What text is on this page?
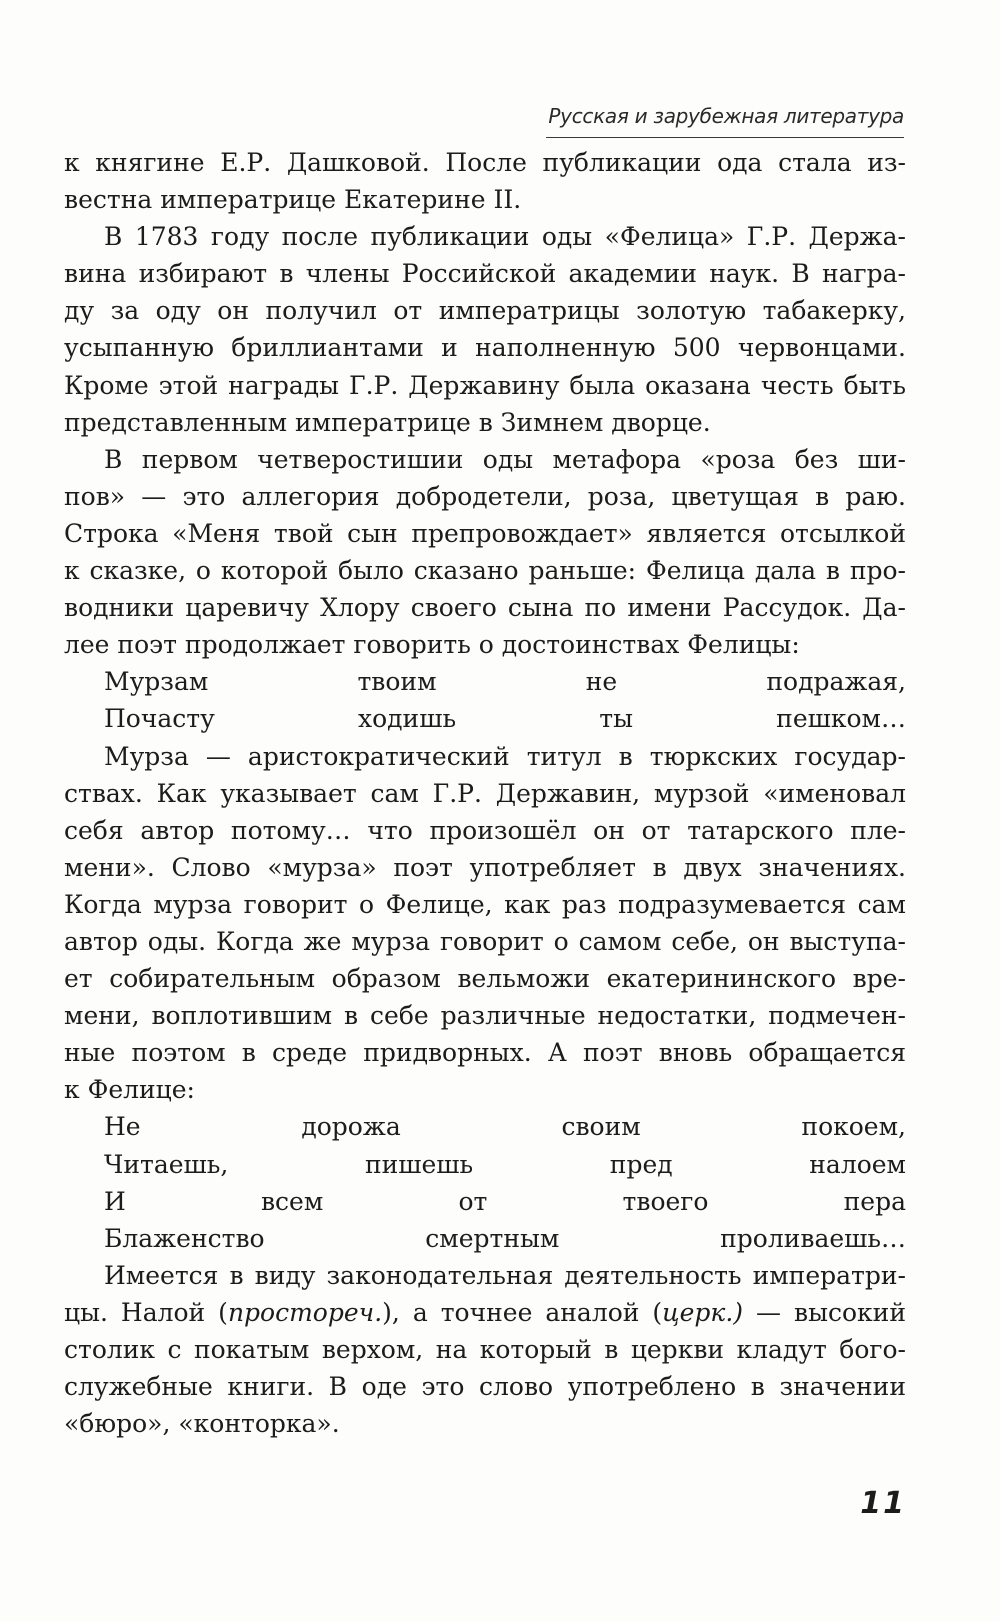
Русская и зарубежная литература

к княгине Е.Р. Дашковой. После публикации ода стала из-

вестна императрице Екатерине II.

В 1783 году после публикации оды «Фелица» Г.Р. Держа-

вина избирают в члены Российской академии наук. В награ-

ду за оду он получил от императрицы золотую табакерку,

усыпанную бриллиантами и наполненную 500 червонцами.

Кроме этой награды Г.Р. Державину была оказана честь быть

представленным императрице в Зимнем дворце.

В первом четверостишии оды метафора «роза без ши-

пов» — это аллегория добродетели, роза, цветущая в раю.

Строка «Меня твой сын препровождает» является отсылкой

к сказке, о которой было сказано раньше: Фелица дала в про-

водники царевичу Хлору своего сына по имени Рассудок. Да-

лее поэт продолжает говорить о достоинствах Фелицы:

Мурзам твоим не подражая,

Почасту ходишь ты пешком…

Мурза — аристократический титул в тюркских государ-

ствах. Как указывает сам Г.Р. Державин, мурзой «именовал

себя автор потому… что произошёл он от татарского пле-

мени». Слово «мурза» поэт употребляет в двух значениях.

Когда мурза говорит о Фелице, как раз подразумевается сам

автор оды. Когда же мурза говорит о самом себе, он выступа-

ет собирательным образом вельможи екатерининского вре-

мени, воплотившим в себе различные недостатки, подмечен-

ные поэтом в среде придворных. А поэт вновь обращается

к Фелице:

Не дорожа своим покоем,

Читаешь, пишешь пред налоем

И всем от твоего пера

Блаженство смертным проливаешь…

Имеется в виду законодательная деятельность императри-

цы. Налой (простореч.), а точнее аналой (церк.) — высокий

столик с покатым верхом, на который в церкви кладут бого-

служебные книги. В оде это слово употреблено в значении

«бюро», «конторка».

11
